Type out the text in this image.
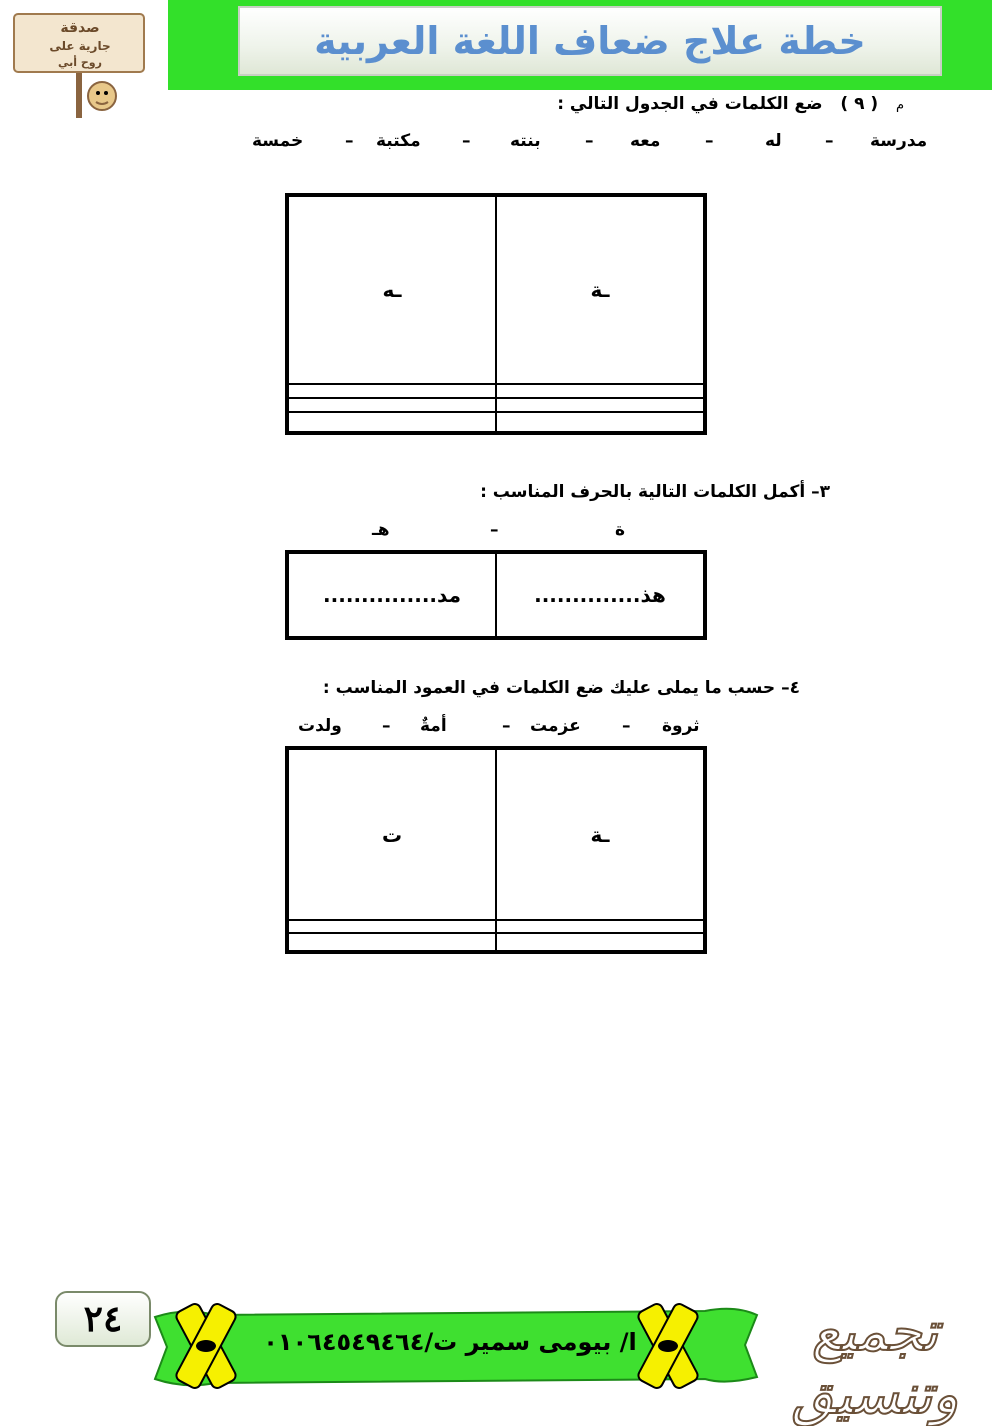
خطة علاج ضعاف اللغة العربية
صدقة
جارية على
روح أبي
م   ( ٩ )   ضع الكلمات في الجدول التالي :
مدرسة
–
له
–
معه
–
بنته
–
مكتبة
–
خمسة
ـة	ـه

٣– أكمل الكلمات التالية بالحرف المناسب :
ة
–
هـ
هذ..............	مد...............
٤– حسب ما يملى عليك ضع الكلمات في العمود المناسب :
ثروة
–
عزمت
–
أمةٌ
–
ولدت
ـة	ت

٢٤
ا/ بيومى سمير ت/٠١٠٦٤٥٤٩٤٦٤	تجميع وتنسيق
